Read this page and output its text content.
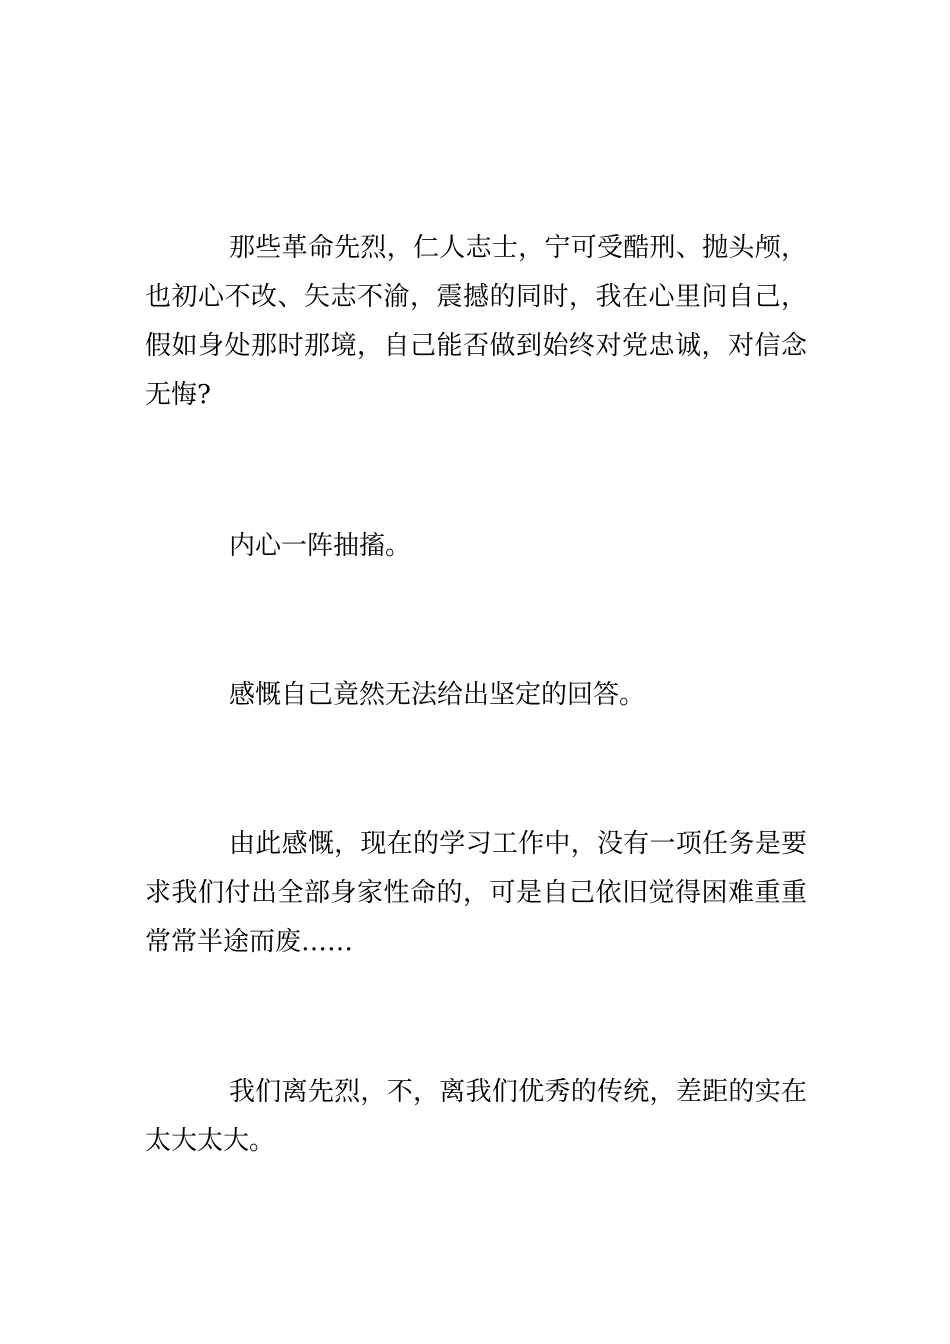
那些革命先烈，仁人志士，宁可受酷刑、抛头颅，也初心不改、矢志不渝，震撼的同时，我在心里问自己，假如身处那时那境，自己能否做到始终对党忠诚，对信念无悔?

内心一阵抽搐。

感慨自己竟然无法给出坚定的回答。

由此感慨，现在的学习工作中，没有一项任务是要求我们付出全部身家性命的，可是自己依旧觉得困难重重常常半途而废……

我们离先烈，不，离我们优秀的传统，差距的实在太大太大。
